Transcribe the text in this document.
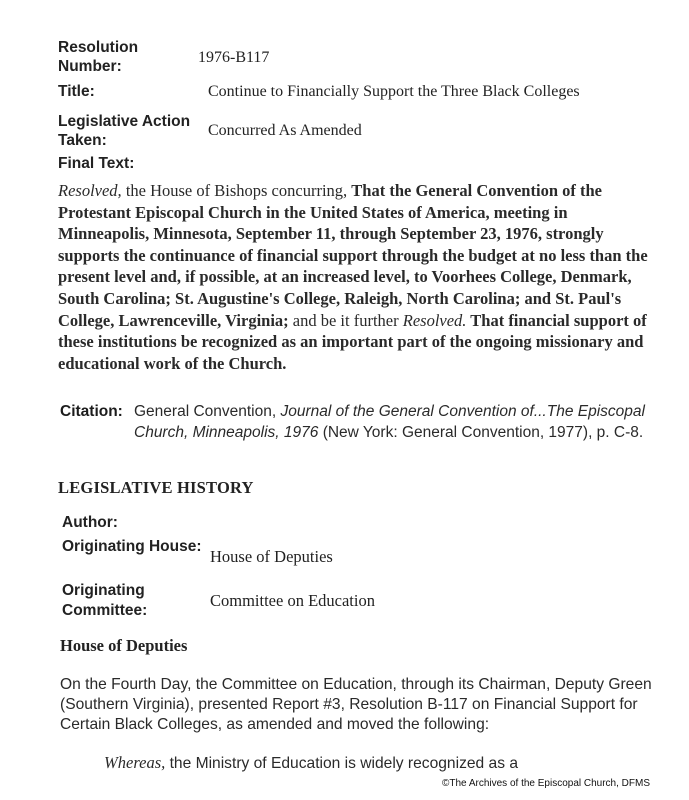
Resolution Number:
1976-B117
Title:	Continue to Financially Support the Three Black Colleges
Legislative Action Taken:
Concurred As Amended
Final Text:
Resolved, the House of Bishops concurring, That the General Convention of the Protestant Episcopal Church in the United States of America, meeting in Minneapolis, Minnesota, September 11, through September 23, 1976, strongly supports the continuance of financial support through the budget at no less than the present level and, if possible, at an increased level, to Voorhees College, Denmark, South Carolina; St. Augustine's College, Raleigh, North Carolina; and St. Paul's College, Lawrenceville, Virginia; and be it further Resolved. That financial support of these institutions be recognized as an important part of the ongoing missionary and educational work of the Church.
Citation: General Convention, Journal of the General Convention of...The Episcopal Church, Minneapolis, 1976 (New York: General Convention, 1977), p. C-8.
LEGISLATIVE HISTORY
Author:
Originating House:
House of Deputies
Originating Committee:	Committee on Education
House of Deputies
On the Fourth Day, the Committee on Education, through its Chairman, Deputy Green (Southern Virginia), presented Report #3, Resolution B-117 on Financial Support for Certain Black Colleges, as amended and moved the following:
Whereas, the Ministry of Education is widely recognized as a
©The Archives of the Episcopal Church, DFMS
